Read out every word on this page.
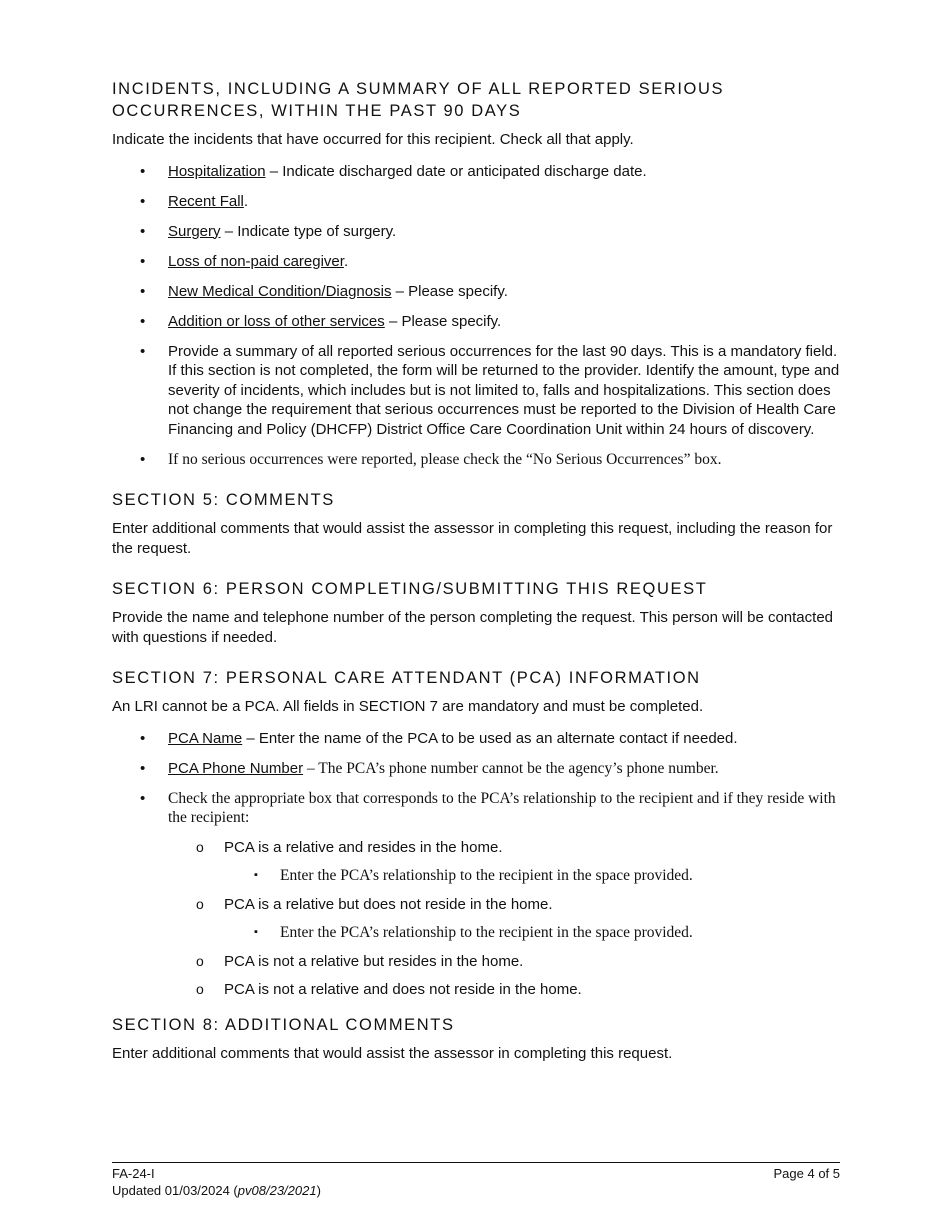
INCIDENTS, INCLUDING A SUMMARY OF ALL REPORTED SERIOUS
OCCURRENCES, WITHIN THE PAST 90 DAYS

Indicate the incidents that have occurred for this recipient. Check all that apply.

• Hospitalization – Indicate discharged date or anticipated discharge date.
• Recent Fall.
• Surgery – Indicate type of surgery.
• Loss of non-paid caregiver.
• New Medical Condition/Diagnosis – Please specify.
• Addition or loss of other services – Please specify.
• Provide a summary of all reported serious occurrences for the last 90 days. This is a mandatory field. If this section is not completed, the form will be returned to the provider. Identify the amount, type and severity of incidents, which includes but is not limited to, falls and hospitalizations. This section does not change the requirement that serious occurrences must be reported to the Division of Health Care Financing and Policy (DHCFP) District Office Care Coordination Unit within 24 hours of discovery.
• If no serious occurrences were reported, please check the “No Serious Occurrences” box.
SECTION 5: COMMENTS

Enter additional comments that would assist the assessor in completing this request, including the reason for the request.

SECTION 6: PERSON COMPLETING/SUBMITTING THIS REQUEST

Provide the name and telephone number of the person completing the request. This person will be contacted with questions if needed.

SECTION 7: PERSONAL CARE ATTENDANT (PCA) INFORMATION

An LRI cannot be a PCA. All fields in SECTION 7 are mandatory and must be completed.

• PCA Name – Enter the name of the PCA to be used as an alternate contact if needed.
• PCA Phone Number – The PCA’s phone number cannot be the agency’s phone number.
• Check the appropriate box that corresponds to the PCA’s relationship to the recipient and if they reside with the recipient:
o PCA is a relative and resides in the home.
▪ Enter the PCA’s relationship to the recipient in the space provided.
o PCA is a relative but does not reside in the home.
▪ Enter the PCA’s relationship to the recipient in the space provided.
o PCA is not a relative but resides in the home.
o PCA is not a relative and does not reside in the home.
SECTION 8: ADDITIONAL COMMENTS

Enter additional comments that would assist the assessor in completing this request.

FA-24-I
Updated 01/03/2024 (pv08/23/2021)
Page 4 of 5
